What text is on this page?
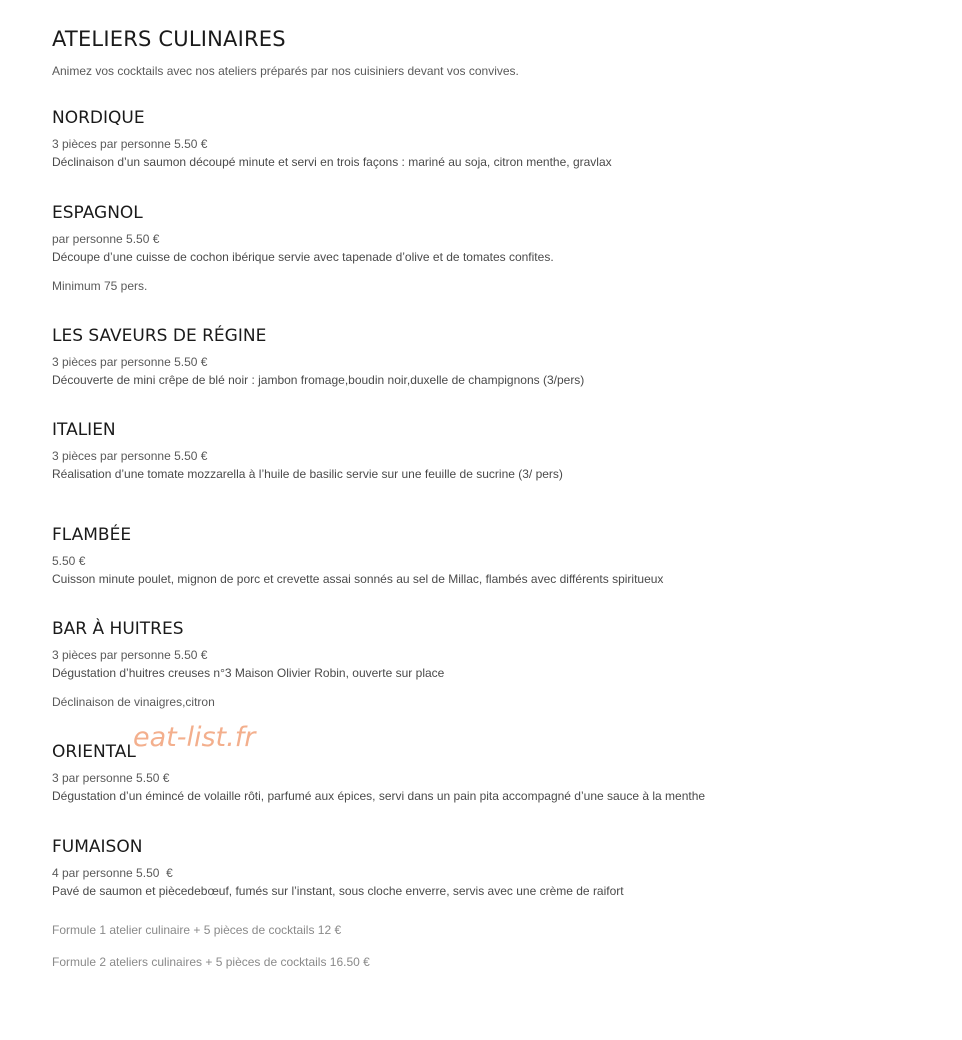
ATELIERS CULINAIRES

Animez vos cocktails avec nos ateliers préparés par nos cuisiniers devant vos convives.

NORDIQUE

3 pièces par personne 5.50 €

Déclinaison d’un saumon découpé minute et servi en trois façons : mariné au soja, citron menthe, gravlax

ESPAGNOL

par personne 5.50 €

Découpe d’une cuisse de cochon ibérique servie avec tapenade d’olive et de tomates confites.

Minimum 75 pers.

LES SAVEURS DE RÉGINE

3 pièces par personne 5.50 €

Découverte de mini crêpe de blé noir : jambon fromage,boudin noir,duxelle de champignons (3/pers)

ITALIEN

3 pièces par personne 5.50 €

Réalisation d’une tomate mozzarella à l’huile de basilic servie sur une feuille de sucrine (3/ pers)

FLAMBÉE

5.50 €

Cuisson minute poulet, mignon de porc et crevette assai sonnés au sel de Millac, flambés avec différents spiritueux

BAR À HUITRES

3 pièces par personne 5.50 €

Dégustation d’huitres creuses n°3 Maison Olivier Robin, ouverte sur place

Déclinaison de vinaigres,citron

ORIENTAL

3 par personne 5.50 €

Dégustation d’un émincé de volaille rôti, parfumé aux épices, servi dans un pain pita accompagné d’une sauce à la menthe

FUMAISON

4 par personne 5.50  €

Pavé de saumon et piècedebœuf, fumés sur l’instant, sous cloche enverre, servis avec une crème de raifort

Formule 1 atelier culinaire + 5 pièces de cocktails 12 €

Formule 2 ateliers culinaires + 5 pièces de cocktails 16.50 €

eat-list.fr
